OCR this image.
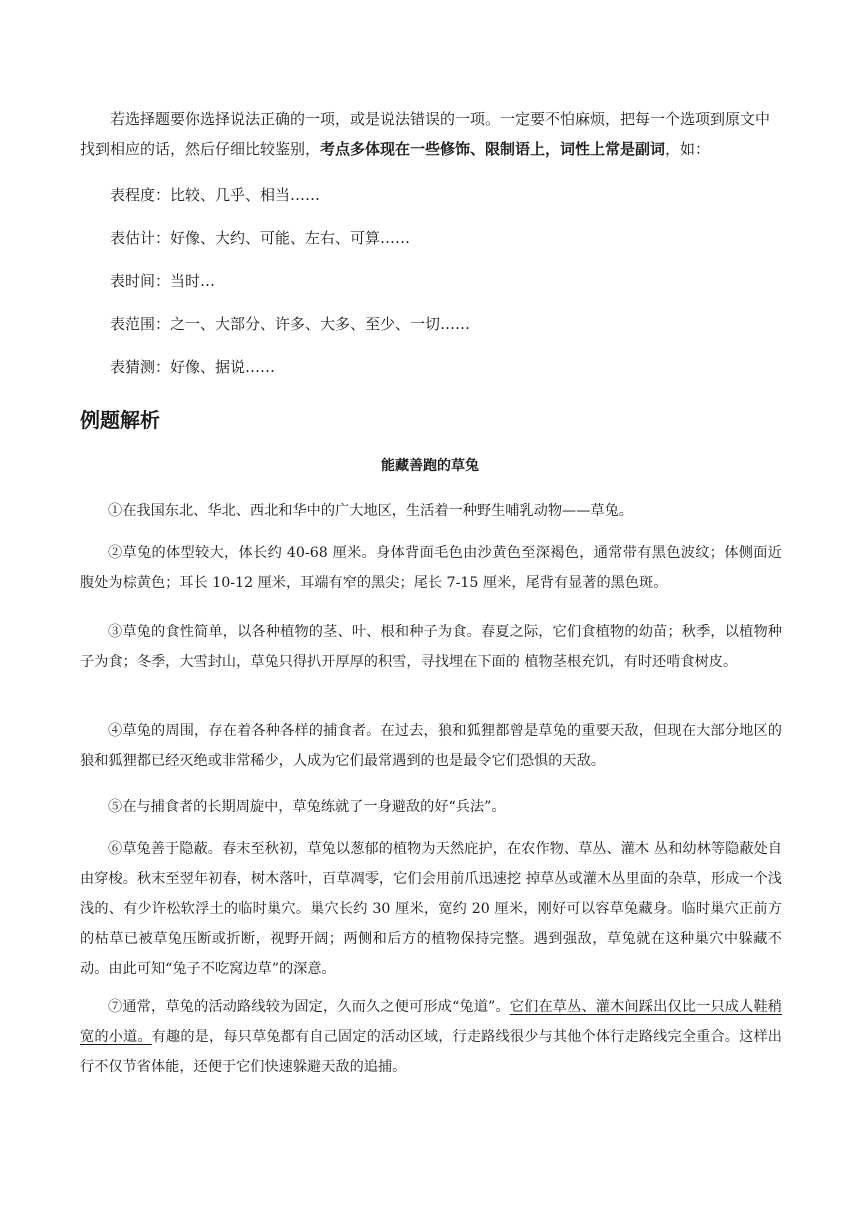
若选择题要你选择说法正确的一项，或是说法错误的一项。一定要不怕麻烦，把每一个选项到原文中找到相应的话，然后仔细比较鉴别，考点多体现在一些修饰、限制语上，词性上常是副词，如：

表程度：比较、几乎、相当……
表估计：好像、大约、可能、左右、可算……
表时间：当时…
表范围：之一、大部分、许多、大多、至少、一切……
表猜测：好像、据说……
例题解析
能藏善跑的草兔

①在我国东北、华北、西北和华中的广大地区，生活着一种野生哺乳动物——草兔。

②草兔的体型较大，体长约 40-68 厘米。身体背面毛色由沙黄色至深褐色，通常带有黑色波纹；体侧面近腹处为棕黄色；耳长 10-12 厘米，耳端有窄的黑尖；尾长 7-15 厘米，尾背有显著的黑色斑。

③草兔的食性简单，以各种植物的茎、叶、根和种子为食。春夏之际，它们食植物的幼苗；秋季，以植物种子为食；冬季，大雪封山，草兔只得扒开厚厚的积雪，寻找埋在下面的 植物茎根充饥，有时还啃食树皮。

④草兔的周围，存在着各种各样的捕食者。在过去，狼和狐狸都曾是草兔的重要天敌，但现在大部分地区的狼和狐狸都已经灭绝或非常稀少，人成为它们最常遇到的也是最令它们恐惧的天敌。

⑤在与捕食者的长期周旋中，草兔练就了一身避敌的好“兵法”。

⑥草兔善于隐蔽。春末至秋初，草兔以葱郁的植物为天然庇护，在农作物、草丛、灌木 丛和幼林等隐蔽处自由穿梭。秋末至翌年初春，树木落叶，百草凋零，它们会用前爪迅速挖 掉草丛或灌木丛里面的杂草，形成一个浅浅的、有少许松软浮土的临时巢穴。巢穴长约 30 厘米，宽约 20 厘米，刚好可以容草兔藏身。临时巢穴正前方的枯草已被草兔压断或折断，视野开阔；两侧和后方的植物保持完整。遇到强敌，草兔就在这种巢穴中躲藏不动。由此可知“兔子不吃窝边草”的深意。

⑦通常，草兔的活动路线较为固定，久而久之便可形成“兔道”。它们在草丛、灌木间踩出仅比一只成人鞋稍宽的小道。有趣的是，每只草兔都有自己固定的活动区域，行走路线很少与其他个体行走路线完全重合。这样出行不仅节省体能，还便于它们快速躲避天敌的追捕。
